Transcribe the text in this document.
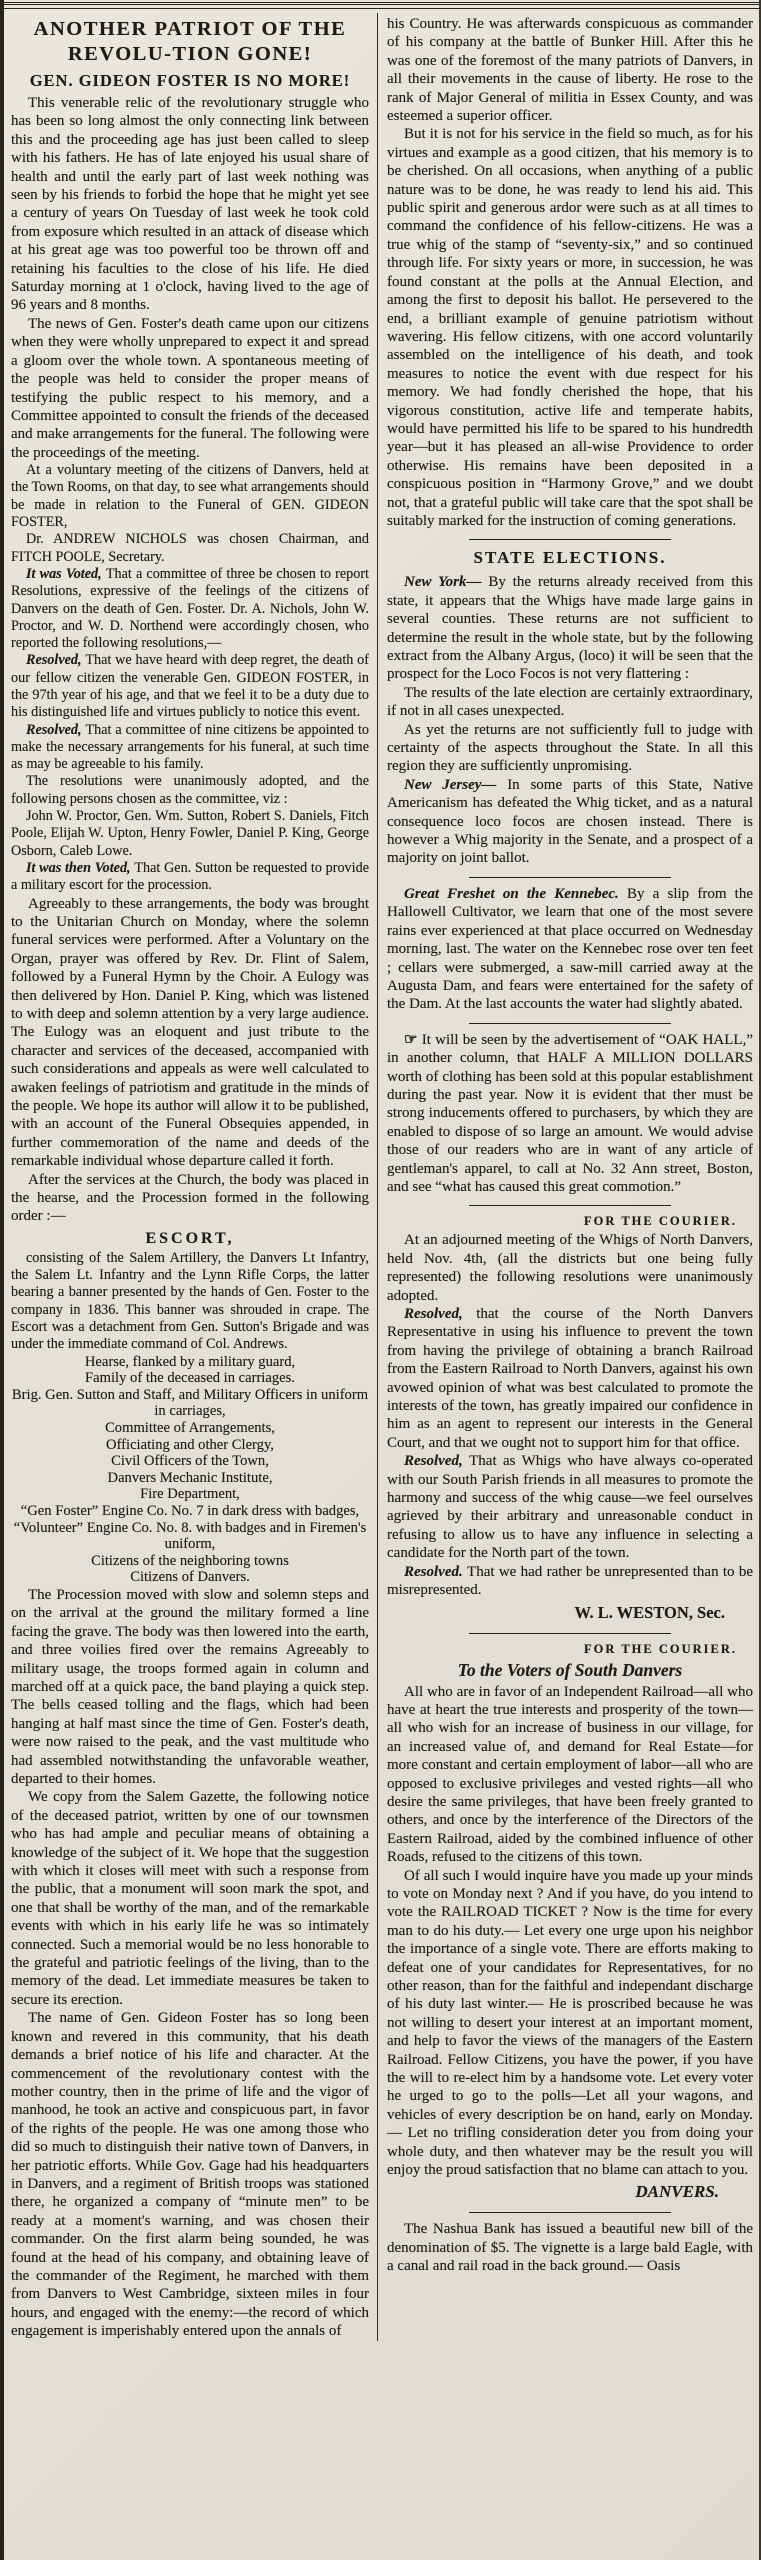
ANOTHER PATRIOT OF THE REVOLU-TION GONE!

GEN. GIDEON FOSTER IS NO MORE!

This venerable relic of the revolutionary struggle who has been so long almost the only connecting link between this and the proceeding age has just been called to sleep with his fathers. He has of late enjoyed his usual share of health and until the early part of last week nothing was seen by his friends to forbid the hope that he might yet see a century of years On Tuesday of last week he took cold from exposure which resulted in an attack of disease which at his great age was too powerful too be thrown off and retaining his faculties to the close of his life. He died Saturday morning at 1 o'clock, having lived to the age of 96 years and 8 months.

The news of Gen. Foster's death came upon our citizens when they were wholly unprepared to expect it and spread a gloom over the whole town. A spontaneous meeting of the people was held to consider the proper means of testifying the public respect to his memory, and a Committee appointed to consult the friends of the deceased and make arrangements for the funeral. The following were the proceedings of the meeting.

At a voluntary meeting of the citizens of Danvers, held at the Town Rooms, on that day, to see what arrangements should be made in relation to the Funeral of GEN. GIDEON FOSTER,

Dr. ANDREW NICHOLS was chosen Chairman, and FITCH POOLE, Secretary.

It was Voted, That a committee of three be chosen to report Resolutions, expressive of the feelings of the citizens of Danvers on the death of Gen. Foster. Dr. A. Nichols, John W. Proctor, and W. D. Northend were accordingly chosen, who reported the following resolutions,—

Resolved, That we have heard with deep regret, the death of our fellow citizen the venerable Gen. GIDEON FOSTER, in the 97th year of his age, and that we feel it to be a duty due to his distinguished life and virtues publicly to notice this event.

Resolved, That a committee of nine citizens be appointed to make the necessary arrangements for his funeral, at such time as may be agreeable to his family.

The resolutions were unanimously adopted, and the following persons chosen as the committee, viz :

John W. Proctor, Gen. Wm. Sutton, Robert S. Daniels, Fitch Poole, Elijah W. Upton, Henry Fowler, Daniel P. King, George Osborn, Caleb Lowe.

It was then Voted, That Gen. Sutton be requested to provide a military escort for the procession.

Agreeably to these arrangements, the body was brought to the Unitarian Church on Monday, where the solemn funeral services were performed. After a Voluntary on the Organ, prayer was offered by Rev. Dr. Flint of Salem, followed by a Funeral Hymn by the Choir. A Eulogy was then delivered by Hon. Daniel P. King, which was listened to with deep and solemn attention by a very large audience. The Eulogy was an eloquent and just tribute to the character and services of the deceased, accompanied with such considerations and appeals as were well calculated to awaken feelings of patriotism and gratitude in the minds of the people. We hope its author will allow it to be published, with an account of the Funeral Obsequies appended, in further commemoration of the name and deeds of the remarkable individual whose departure called it forth.

After the services at the Church, the body was placed in the hearse, and the Procession formed in the following order :—

ESCORT,

consisting of the Salem Artillery, the Danvers Lt Infantry, the Salem Lt. Infantry and the Lynn Rifle Corps, the latter bearing a banner presented by the hands of Gen. Foster to the company in 1836. This banner was shrouded in crape. The Escort was a detachment from Gen. Sutton's Brigade and was under the immediate command of Col. Andrews.

Hearse, flanked by a military guard,

Family of the deceased in carriages.

Brig. Gen. Sutton and Staff, and Military Officers in uniform in carriages,

Committee of Arrangements,

Officiating and other Clergy,

Civil Officers of the Town,

Danvers Mechanic Institute,

Fire Department,

“Gen Foster” Engine Co. No. 7 in dark dress with badges,

“Volunteer” Engine Co. No. 8. with badges and in Firemen's uniform,

Citizens of the neighboring towns

Citizens of Danvers.

The Procession moved with slow and solemn steps and on the arrival at the ground the military formed a line facing the grave. The body was then lowered into the earth, and three voilies fired over the remains Agreeably to military usage, the troops formed again in column and marched off at a quick pace, the band playing a quick step. The bells ceased tolling and the flags, which had been hanging at half mast since the time of Gen. Foster's death, were now raised to the peak, and the vast multitude who had assembled notwithstanding the unfavorable weather, departed to their homes.

We copy from the Salem Gazette, the following notice of the deceased patriot, written by one of our townsmen who has had ample and peculiar means of obtaining a knowledge of the subject of it. We hope that the suggestion with which it closes will meet with such a response from the public, that a monument will soon mark the spot, and one that shall be worthy of the man, and of the remarkable events with which in his early life he was so intimately connected. Such a memorial would be no less honorable to the grateful and patriotic feelings of the living, than to the memory of the dead. Let immediate measures be taken to secure its erection.

The name of Gen. Gideon Foster has so long been known and revered in this community, that his death demands a brief notice of his life and character. At the commencement of the revolutionary contest with the mother country, then in the prime of life and the vigor of manhood, he took an active and conspicuous part, in favor of the rights of the people. He was one among those who did so much to distinguish their native town of Danvers, in her patriotic efforts. While Gov. Gage had his headquarters in Danvers, and a regiment of British troops was stationed there, he organized a company of “minute men” to be ready at a moment's warning, and was chosen their commander. On the first alarm being sounded, he was found at the head of his company, and obtaining leave of the commander of the Regiment, he marched with them from Danvers to West Cambridge, sixteen miles in four hours, and engaged with the enemy:—the record of which engagement is imperishably entered upon the annals of

his Country. He was afterwards conspicuous as commander of his company at the battle of Bunker Hill. After this he was one of the foremost of the many patriots of Danvers, in all their movements in the cause of liberty. He rose to the rank of Major General of militia in Essex County, and was esteemed a superior officer.

But it is not for his service in the field so much, as for his virtues and example as a good citizen, that his memory is to be cherished. On all occasions, when anything of a public nature was to be done, he was ready to lend his aid. This public spirit and generous ardor were such as at all times to command the confidence of his fellow-citizens. He was a true whig of the stamp of “seventy-six,” and so continued through life. For sixty years or more, in succession, he was found constant at the polls at the Annual Election, and among the first to deposit his ballot. He persevered to the end, a brilliant example of genuine patriotism without wavering. His fellow citizens, with one accord voluntarily assembled on the intelligence of his death, and took measures to notice the event with due respect for his memory. We had fondly cherished the hope, that his vigorous constitution, active life and temperate habits, would have permitted his life to be spared to his hundredth year—but it has pleased an all-wise Providence to order otherwise. His remains have been deposited in a conspicuous position in “Harmony Grove,” and we doubt not, that a grateful public will take care that the spot shall be suitably marked for the instruction of coming generations.

STATE ELECTIONS.

New York— By the returns already received from this state, it appears that the Whigs have made large gains in several counties. These returns are not sufficient to determine the result in the whole state, but by the following extract from the Albany Argus, (loco) it will be seen that the prospect for the Loco Focos is not very flattering :

The results of the late election are certainly extraordinary, if not in all cases unexpected.

As yet the returns are not sufficiently full to judge with certainty of the aspects throughout the State. In all this region they are sufficiently unpromising.

New Jersey— In some parts of this State, Native Americanism has defeated the Whig ticket, and as a natural consequence loco focos are chosen instead. There is however a Whig majority in the Senate, and a prospect of a majority on joint ballot.

Great Freshet on the Kennebec. By a slip from the Hallowell Cultivator, we learn that one of the most severe rains ever experienced at that place occurred on Wednesday morning, last. The water on the Kennebec rose over ten feet ; cellars were submerged, a saw-mill carried away at the Augusta Dam, and fears were entertained for the safety of the Dam. At the last accounts the water had slightly abated.

☞ It will be seen by the advertisement of “OAK HALL,” in another column, that HALF A MILLION DOLLARS worth of clothing has been sold at this popular establishment during the past year. Now it is evident that ther must be strong inducements offered to purchasers, by which they are enabled to dispose of so large an amount. We would advise those of our readers who are in want of any article of gentleman's apparel, to call at No. 32 Ann street, Boston, and see “what has caused this great commotion.”

FOR THE COURIER.

At an adjourned meeting of the Whigs of North Danvers, held Nov. 4th, (all the districts but one being fully represented) the following resolutions were unanimously adopted.

Resolved, that the course of the North Danvers Representative in using his influence to prevent the town from having the privilege of obtaining a branch Railroad from the Eastern Railroad to North Danvers, against his own avowed opinion of what was best calculated to promote the interests of the town, has greatly impaired our confidence in him as an agent to represent our interests in the General Court, and that we ought not to support him for that office.

Resolved, That as Whigs who have always co-operated with our South Parish friends in all measures to promote the harmony and success of the whig cause—we feel ourselves agrieved by their arbitrary and unreasonable conduct in refusing to allow us to have any influence in selecting a candidate for the North part of the town.

Resolved. That we had rather be unrepresented than to be misrepresented.

W. L. WESTON, Sec.

FOR THE COURIER.

To the Voters of South Danvers

All who are in favor of an Independent Railroad—all who have at heart the true interests and prosperity of the town—all who wish for an increase of business in our village, for an increased value of, and demand for Real Estate—for more constant and certain employment of labor—all who are opposed to exclusive privileges and vested rights—all who desire the same privileges, that have been freely granted to others, and once by the interference of the Directors of the Eastern Railroad, aided by the combined influence of other Roads, refused to the citizens of this town.

Of all such I would inquire have you made up your minds to vote on Monday next ? And if you have, do you intend to vote the RAILROAD TICKET ? Now is the time for every man to do his duty.— Let every one urge upon his neighbor the importance of a single vote. There are efforts making to defeat one of your candidates for Representatives, for no other reason, than for the faithful and independant discharge of his duty last winter.— He is proscribed because he was not willing to desert your interest at an important moment, and help to favor the views of the managers of the Eastern Railroad. Fellow Citizens, you have the power, if you have the will to re-elect him by a handsome vote. Let every voter he urged to go to the polls—Let all your wagons, and vehicles of every description be on hand, early on Monday.— Let no trifling consideration deter you from doing your whole duty, and then whatever may be the result you will enjoy the proud satisfaction that no blame can attach to you.

DANVERS.

The Nashua Bank has issued a beautiful new bill of the denomination of $5. The vignette is a large bald Eagle, with a canal and rail road in the back ground.— Oasis
